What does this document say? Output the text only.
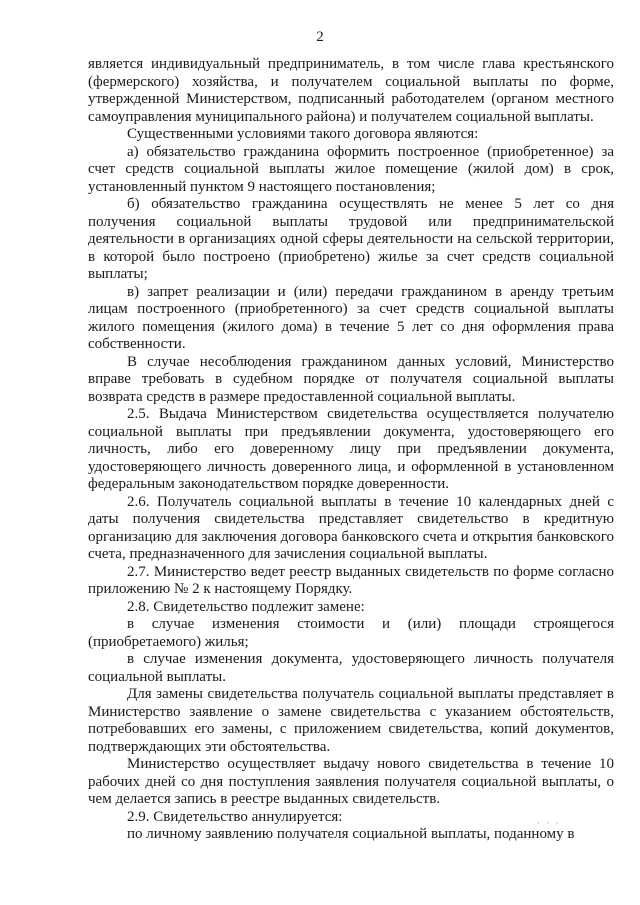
2

является индивидуальный предприниматель, в том числе глава крестьянского (фермерского) хозяйства, и получателем социальной выплаты по форме, утвержденной Министерством, подписанный работодателем (органом местного самоуправления муниципального района) и получателем социальной выплаты.

Существенными условиями такого договора являются:

а) обязательство гражданина оформить построенное (приобретенное) за счет средств социальной выплаты жилое помещение (жилой дом) в срок, установленный пунктом 9 настоящего постановления;

б) обязательство гражданина осуществлять не менее 5 лет со дня получения социальной выплаты трудовой или предпринимательской деятельности в организациях одной сферы деятельности на сельской территории, в которой было построено (приобретено) жилье за счет средств социальной выплаты;

в) запрет реализации и (или) передачи гражданином в аренду третьим лицам построенного (приобретенного) за счет средств социальной выплаты жилого помещения (жилого дома) в течение 5 лет со дня оформления права собственности.

В случае несоблюдения гражданином данных условий, Министерство вправе требовать в судебном порядке от получателя социальной выплаты возврата средств в размере предоставленной социальной выплаты.

2.5. Выдача Министерством свидетельства осуществляется получателю социальной выплаты при предъявлении документа, удостоверяющего его личность, либо его доверенному лицу при предъявлении документа, удостоверяющего личность доверенного лица, и оформленной в установленном федеральным законодательством порядке доверенности.

2.6. Получатель социальной выплаты в течение 10 календарных дней с даты получения свидетельства представляет свидетельство в кредитную организацию для заключения договора банковского счета и открытия банковского счета, предназначенного для зачисления социальной выплаты.

2.7. Министерство ведет реестр выданных свидетельств по форме согласно приложению № 2 к настоящему Порядку.

2.8. Свидетельство подлежит замене:

в случае изменения стоимости и (или) площади строящегося (приобретаемого) жилья;

в случае изменения документа, удостоверяющего личность получателя социальной выплаты.

Для замены свидетельства получатель социальной выплаты представляет в Министерство заявление о замене свидетельства с указанием обстоятельств, потребовавших его замены, с приложением свидетельства, копий документов, подтверждающих эти обстоятельства.

Министерство осуществляет выдачу нового свидетельства в течение 10 рабочих дней со дня поступления заявления получателя социальной выплаты, о чем делается запись в реестре выданных свидетельств.

2.9. Свидетельство аннулируется:

по личному заявлению получателя социальной выплаты, поданному в

· · ·
